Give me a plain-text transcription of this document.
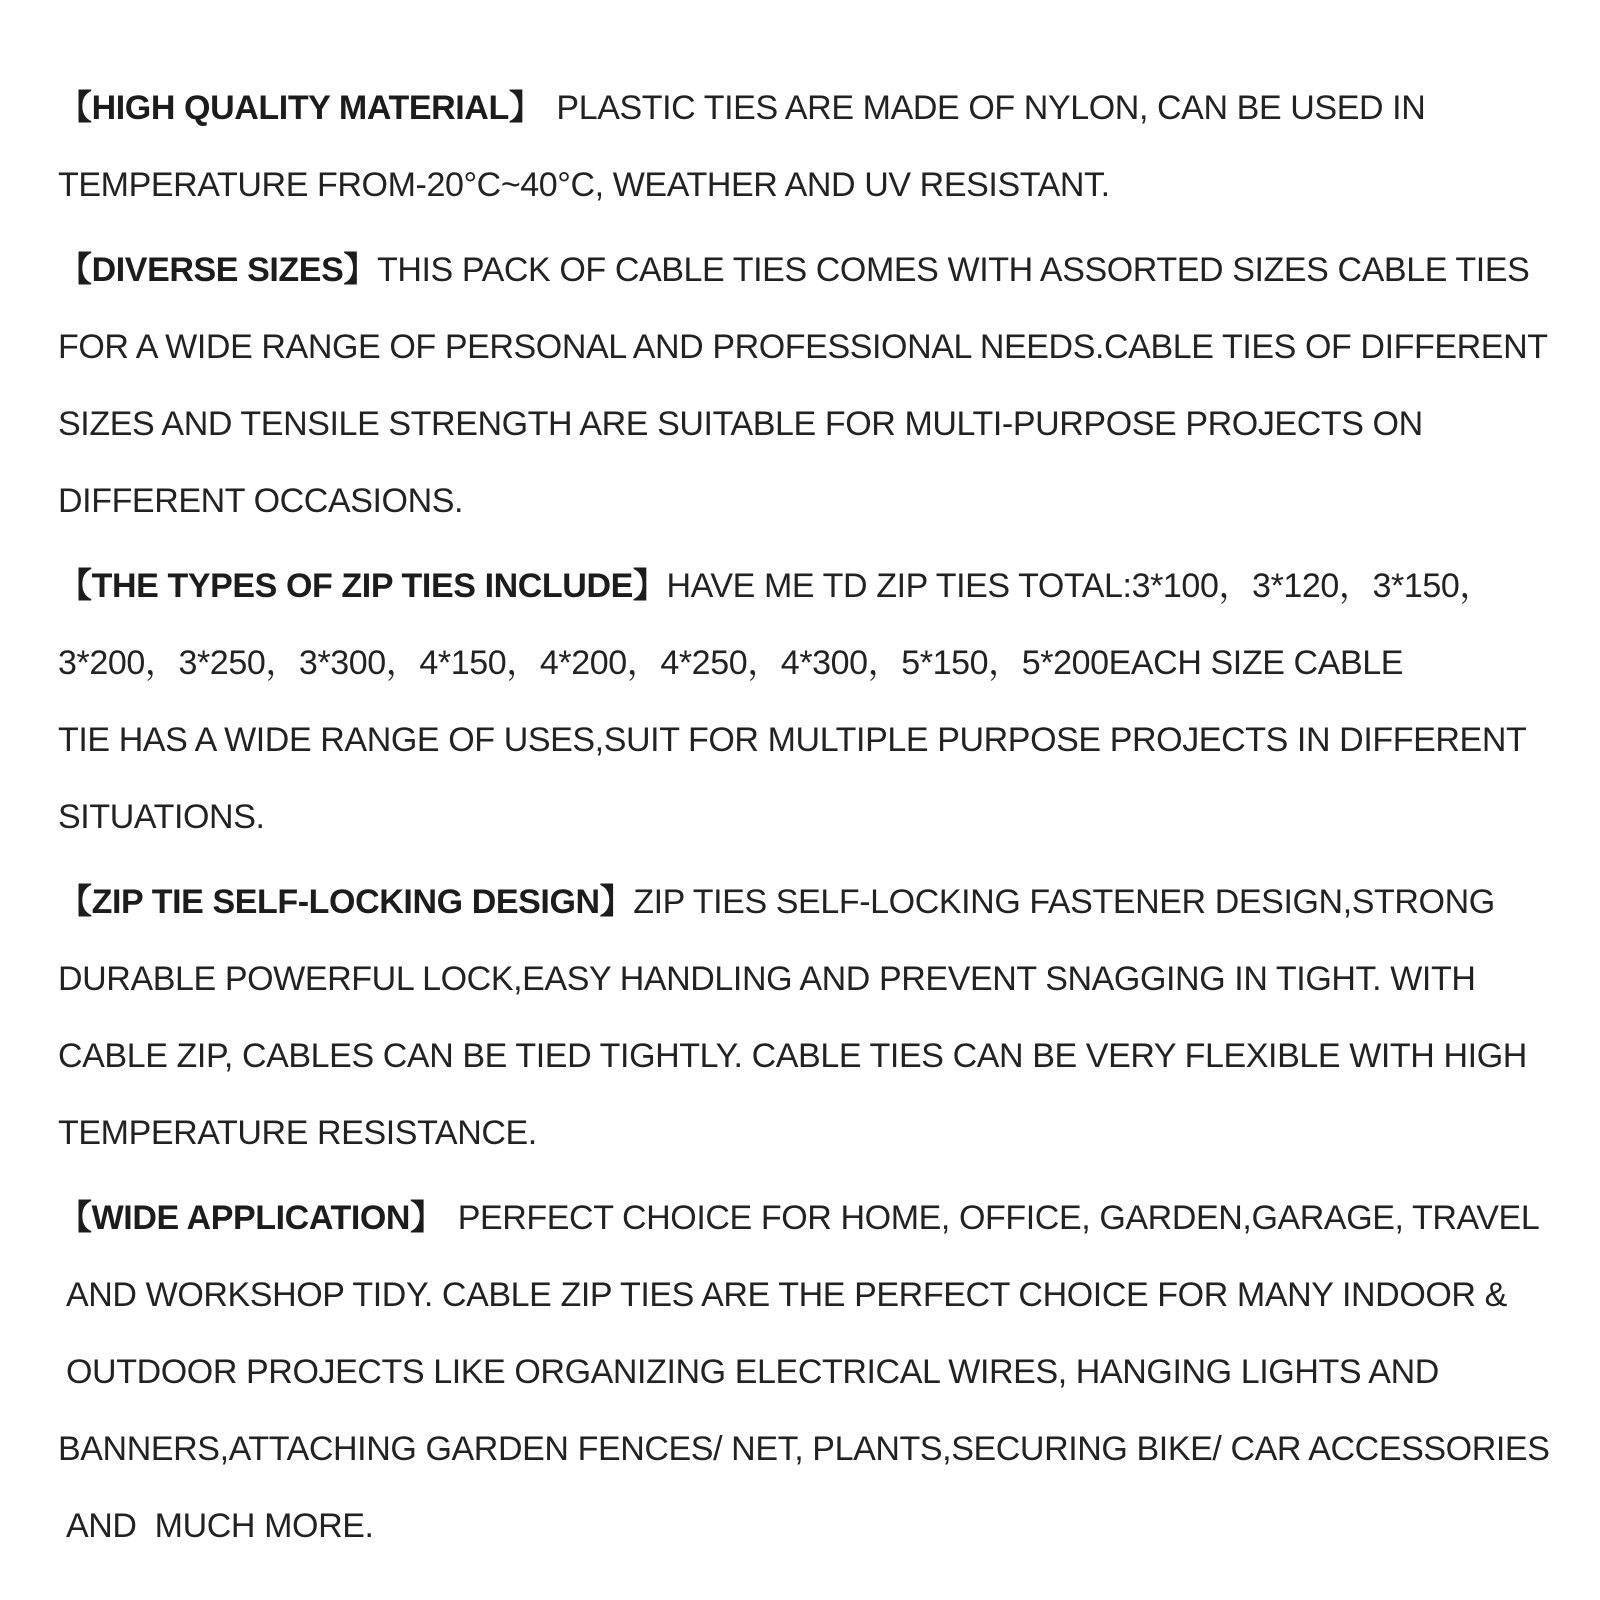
【HIGH QUALITY MATERIAL】 PLASTIC TIES ARE MADE OF NYLON, CAN BE USED IN
TEMPERATURE FROM-20°C~40°C, WEATHER AND UV RESISTANT.
【DIVERSE SIZES】THIS PACK OF CABLE TIES COMES WITH ASSORTED SIZES CABLE TIES
FOR A WIDE RANGE OF PERSONAL AND PROFESSIONAL NEEDS.CABLE TIES OF DIFFERENT
SIZES AND TENSILE STRENGTH ARE SUITABLE FOR MULTI-PURPOSE PROJECTS ON
DIFFERENT OCCASIONS.
【THE TYPES OF ZIP TIES INCLUDE】HAVE ME TD ZIP TIES TOTAL:3*100，3*120，3*150，
3*200，3*250，3*300，4*150，4*200，4*250，4*300，5*150，5*200EACH SIZE CABLE
TIE HAS A WIDE RANGE OF USES,SUIT FOR MULTIPLE PURPOSE PROJECTS IN DIFFERENT
SITUATIONS.
【ZIP TIE SELF-LOCKING DESIGN】ZIP TIES SELF-LOCKING FASTENER DESIGN,STRONG
DURABLE POWERFUL LOCK,EASY HANDLING AND PREVENT SNAGGING IN TIGHT. WITH
CABLE ZIP, CABLES CAN BE TIED TIGHTLY. CABLE TIES CAN BE VERY FLEXIBLE WITH HIGH
TEMPERATURE RESISTANCE.
【WIDE APPLICATION】 PERFECT CHOICE FOR HOME, OFFICE, GARDEN,GARAGE, TRAVEL
AND WORKSHOP TIDY. CABLE ZIP TIES ARE THE PERFECT CHOICE FOR MANY INDOOR &
OUTDOOR PROJECTS LIKE ORGANIZING ELECTRICAL WIRES, HANGING LIGHTS AND
BANNERS,ATTACHING GARDEN FENCES/ NET, PLANTS,SECURING BIKE/ CAR ACCESSORIES
AND  MUCH MORE.
